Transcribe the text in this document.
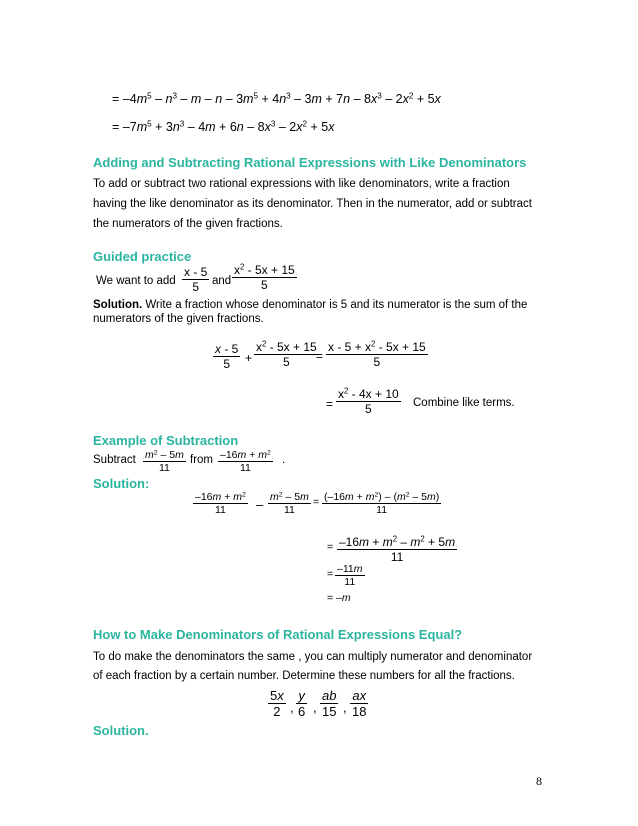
= $-4m^5 - n^3 - m - n - 3m^5 + 4n^3 - 3m + 7n - 8x^3 - 2x^2 + 5x$
= $-7m^5 + 3n^3 - 4m + 6n - 8x^3 - 2x^2 + 5x$
Adding and Subtracting Rational Expressions with Like Denominators
To add or subtract two rational expressions with like denominators, write a fraction
having the like denominator as its denominator. Then in the numerator, add or subtract
the numerators of the given fractions.
Guided practice
We want to add $\frac{x - 5}{5}$ and $\frac{x^2 - 5x + 15}{5}$
Solution. Write a fraction whose denominator is 5 and its numerator is the sum of the
numerators of the given fractions.
$\frac{x - 5}{5} + \frac{x^2 - 5x + 15}{5}$
= $\frac{x - 5 + x^2 - 5x + 15}{5}$
= $\frac{x^2 - 4x + 10}{5}$ Combine like terms.
Example of Subtraction
Subtract $\frac{m^2 - 5m}{11}$ from $\frac{-16m + m^2}{11}$ .
Solution:
$\frac{-16m + m^2}{11} - \frac{m^2 - 5m}{11} = \frac{(-16m + m^2) - (m^2 - 5m)}{11}$
= $\frac{-16m + m^2 - m^2 + 5m}{11}$
= $\frac{-11m}{11}$
= –m
How to Make Denominators of Rational Expressions Equal?
To do make the denominators the same , you can multiply numerator and denominator
of each fraction by a certain number. Determine these numbers for all the fractions.
$\frac{5x}{2}$ , $\frac{y}{6}$ , $\frac{ab}{15}$ , $\frac{ax}{18}$
Solution.
8
